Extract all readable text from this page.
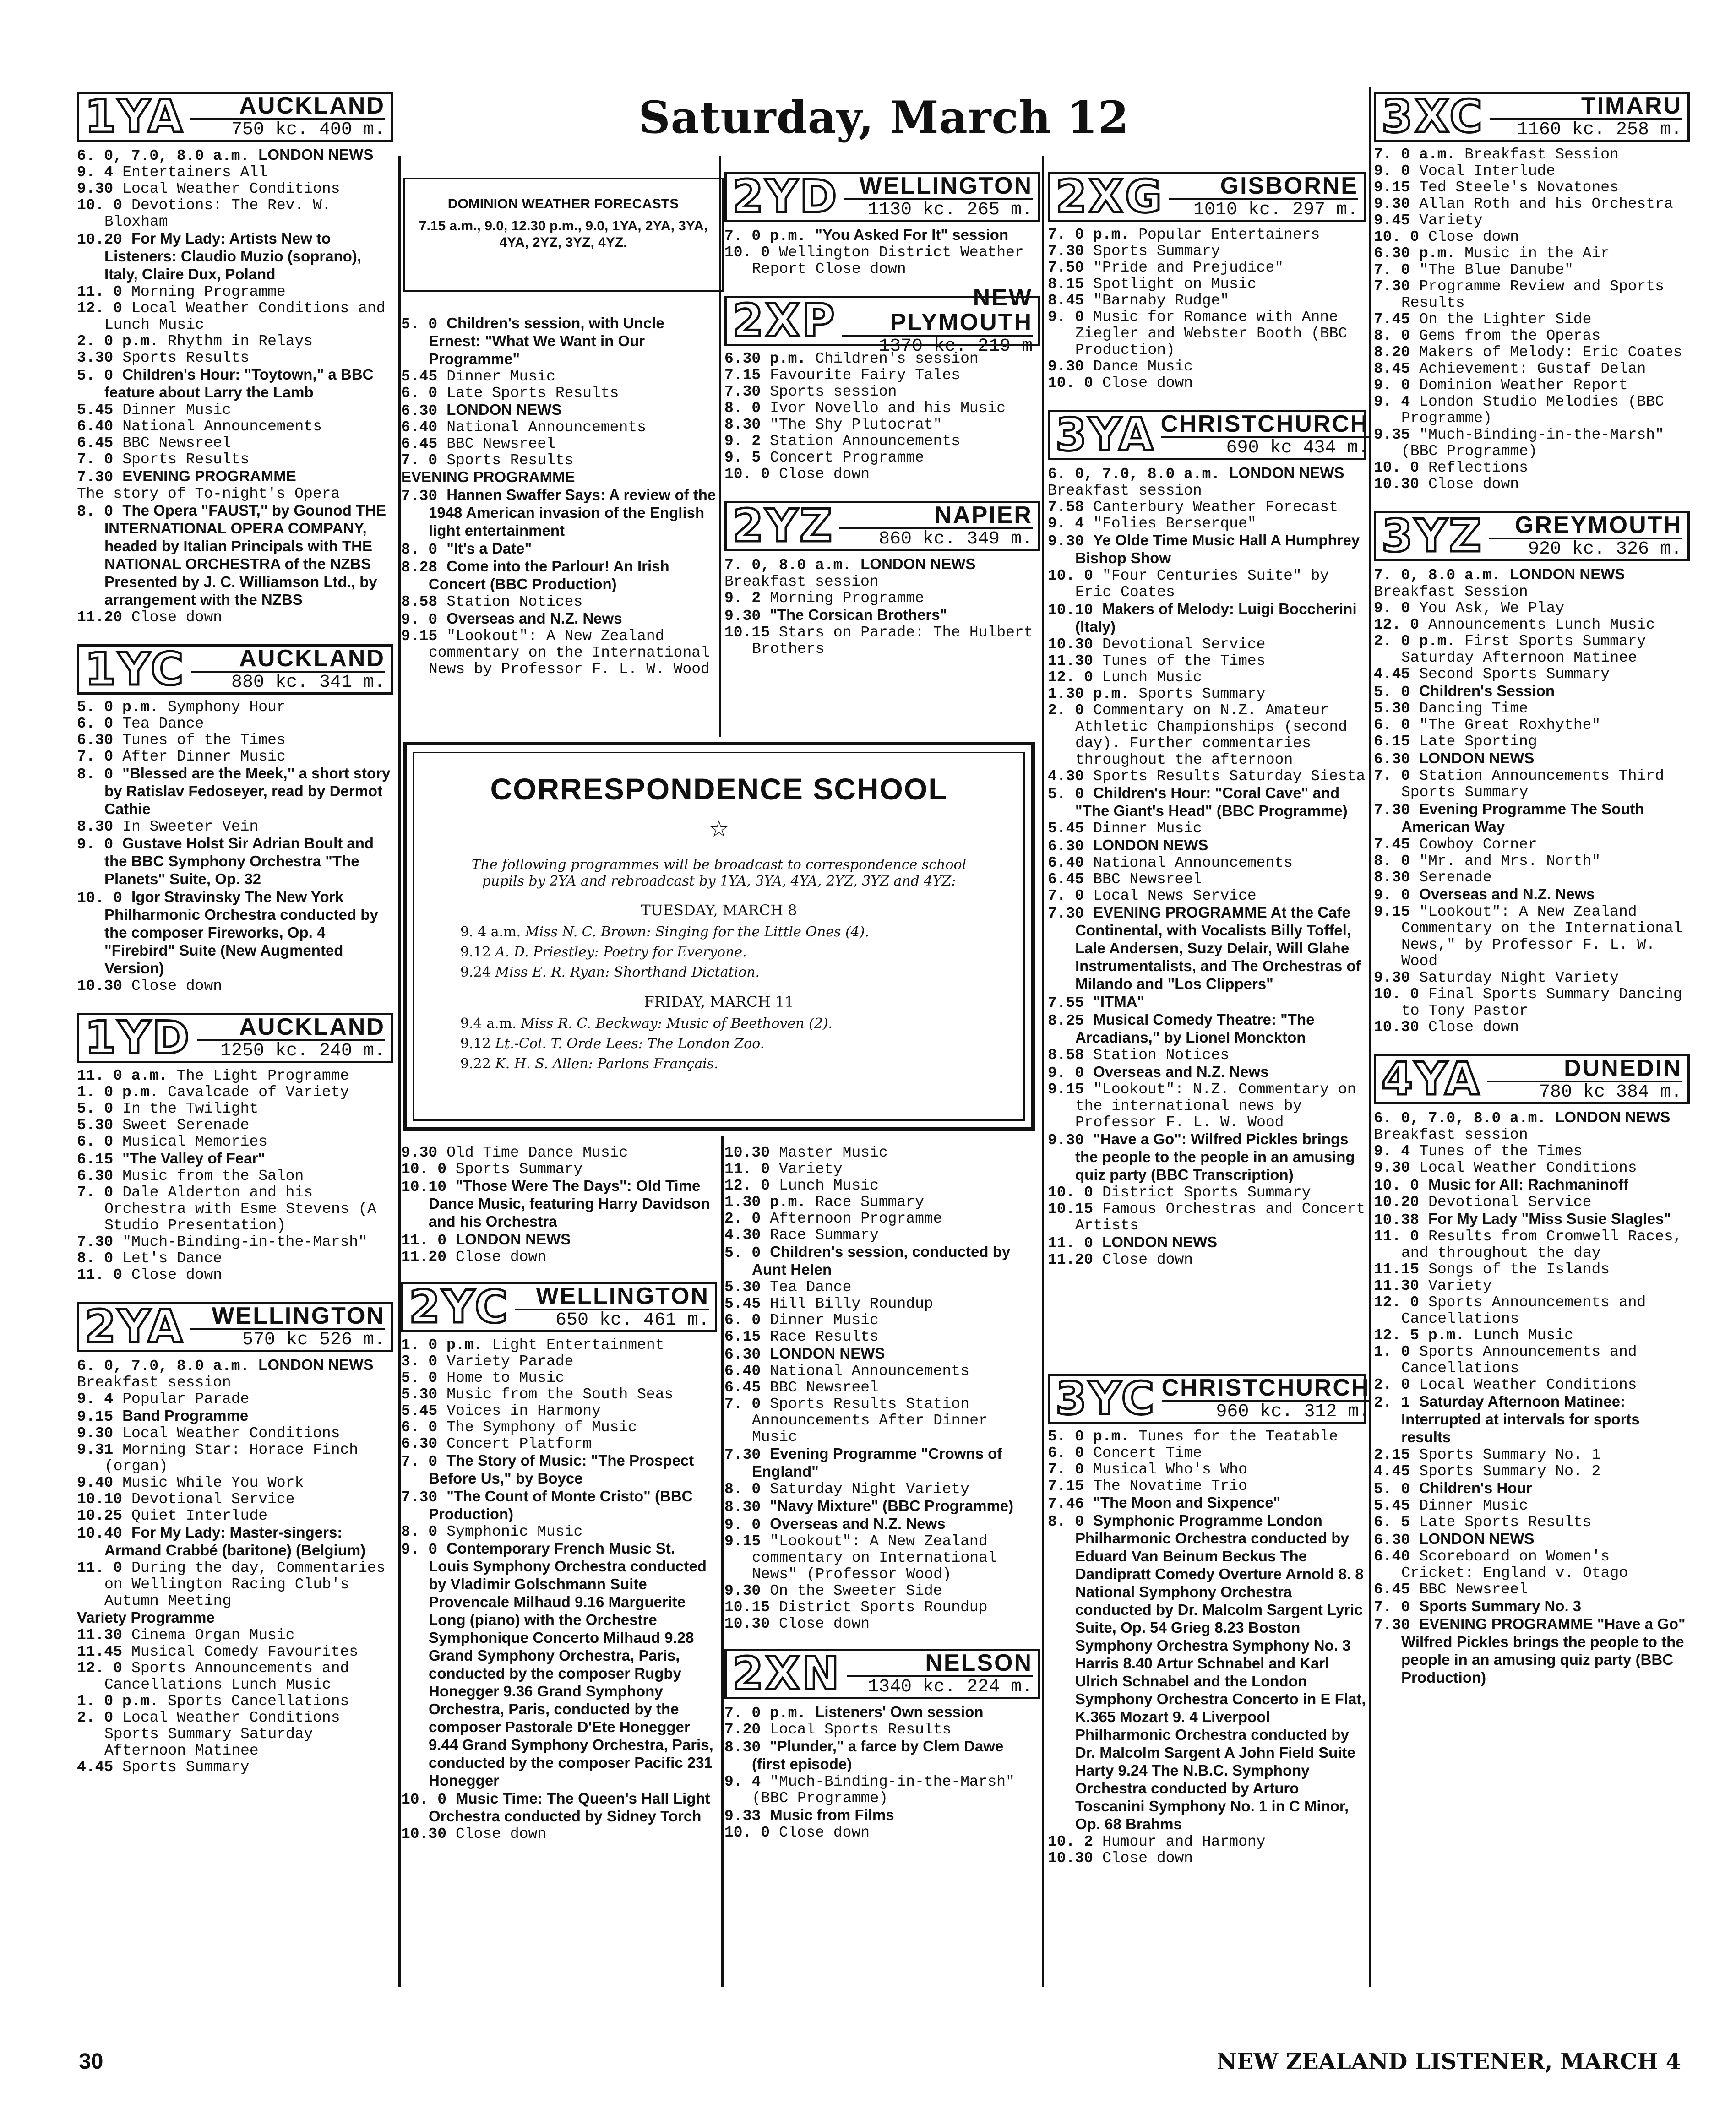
Saturday, March 12
DOMINION WEATHER FORECASTS
7.15 a.m., 9.0, 12.30 p.m., 9.0, 1YA, 2YA, 3YA, 4YA, 2YZ, 3YZ, 4YZ.
CORRESPONDENCE SCHOOL
☆
The following programmes will be broadcast to correspondence school pupils by 2YA and rebroadcast by 1YA, 3YA, 4YA, 2YZ, 3YZ and 4YZ:
TUESDAY, MARCH 8
9. 4 a.m. Miss N. C. Brown: Singing for the Little Ones (4).
9.12 A. D. Priestley: Poetry for Everyone.
9.24 Miss E. R. Ryan: Shorthand Dictation.
FRIDAY, MARCH 11
9.4 a.m. Miss R. C. Beckway: Music of Beethoven (2).
9.12 Lt.-Col. T. Orde Lees: The London Zoo.
9.22 K. H. S. Allen: Parlons Français.
1YA	AUCKLAND
750 kc. 400 m.

6. 0, 7.0, 8.0 a.m. LONDON NEWS

9. 4 Entertainers All

9.30 Local Weather Conditions

10. 0 Devotions: The Rev. W. Bloxham

10.20 For My Lady: Artists New to Listeners: Claudio Muzio (soprano), Italy, Claire Dux, Poland

11. 0 Morning Programme

12. 0 Local Weather Conditions and Lunch Music

2. 0 p.m. Rhythm in Relays

3.30 Sports Results

5. 0 Children's Hour: "Toytown," a BBC feature about Larry the Lamb

5.45 Dinner Music

6.40 National Announcements

6.45 BBC Newsreel

7. 0 Sports Results

7.30 EVENING PROGRAMME

The story of To-night's Opera

8. 0 The Opera "FAUST," by Gounod THE INTERNATIONAL OPERA COMPANY, headed by Italian Principals with THE NATIONAL ORCHESTRA of the NZBS Presented by J. C. Williamson Ltd., by arrangement with the NZBS

11.20 Close down

1YC	AUCKLAND
880 kc. 341 m.

5. 0 p.m. Symphony Hour

6. 0 Tea Dance

6.30 Tunes of the Times

7. 0 After Dinner Music

8. 0 "Blessed are the Meek," a short story by Ratislav Fedoseyer, read by Dermot Cathie

8.30 In Sweeter Vein

9. 0 Gustave Holst Sir Adrian Boult and the BBC Symphony Orchestra "The Planets" Suite, Op. 32

10. 0 Igor Stravinsky The New York Philharmonic Orchestra conducted by the composer Fireworks, Op. 4 "Firebird" Suite (New Augmented Version)

10.30 Close down

1YD	AUCKLAND
1250 kc. 240 m.

11. 0 a.m. The Light Programme

1. 0 p.m. Cavalcade of Variety

5. 0 In the Twilight

5.30 Sweet Serenade

6. 0 Musical Memories

6.15 "The Valley of Fear"

6.30 Music from the Salon

7. 0 Dale Alderton and his Orchestra with Esme Stevens (A Studio Presentation)

7.30 "Much-Binding-in-the-Marsh"

8. 0 Let's Dance

11. 0 Close down

2YA	WELLINGTON
570 kc 526 m.

6. 0, 7.0, 8.0 a.m. LONDON NEWS

Breakfast session

9. 4 Popular Parade

9.15 Band Programme

9.30 Local Weather Conditions

9.31 Morning Star: Horace Finch (organ)

9.40 Music While You Work

10.10 Devotional Service

10.25 Quiet Interlude

10.40 For My Lady: Master-singers: Armand Crabbé (baritone) (Belgium)

11. 0 During the day, Commentaries on Wellington Racing Club's Autumn Meeting

Variety Programme

11.30 Cinema Organ Music

11.45 Musical Comedy Favourites

12. 0 Sports Announcements and Cancellations Lunch Music

1. 0 p.m. Sports Cancellations

2. 0 Local Weather Conditions Sports Summary Saturday Afternoon Matinee

4.45 Sports Summary

5. 0 Children's session, with Uncle Ernest: "What We Want in Our Programme"

5.45 Dinner Music

6. 0 Late Sports Results

6.30 LONDON NEWS

6.40 National Announcements

6.45 BBC Newsreel

7. 0 Sports Results

EVENING PROGRAMME

7.30 Hannen Swaffer Says: A review of the 1948 American invasion of the English light entertainment

8. 0 "It's a Date"

8.28 Come into the Parlour! An Irish Concert (BBC Production)

8.58 Station Notices

9. 0 Overseas and N.Z. News

9.15 "Lookout": A New Zealand commentary on the International News by Professor F. L. W. Wood

2YD WELLINGTON
1130 kc. 265 m.

7. 0 p.m. "You Asked For It" session

10. 0 Wellington District Weather Report Close down

2XP	NEW PLYMOUTH
1370 kc. 219 m

6.30 p.m. Children's session

7.15 Favourite Fairy Tales

7.30 Sports session

8. 0 Ivor Novello and his Music

8.30 "The Shy Plutocrat"

9. 2 Station Announcements

9. 5 Concert Programme

10. 0 Close down

2YZ	NAPIER
860 kc. 349 m.

7. 0, 8.0 a.m. LONDON NEWS

Breakfast session

9. 2 Morning Programme

9.30 "The Corsican Brothers"

10.15 Stars on Parade: The Hulbert Brothers

2XG	GISBORNE
1010 kc. 297 m.

7. 0 p.m. Popular Entertainers

7.30 Sports Summary

7.50 "Pride and Prejudice"

8.15 Spotlight on Music

8.45 "Barnaby Rudge"

9. 0 Music for Romance with Anne Ziegler and Webster Booth (BBC Production)

9.30 Dance Music

10. 0 Close down

3YA CHRISTCHURCH
690 kc 434 m.

6. 0, 7.0, 8.0 a.m. LONDON NEWS

Breakfast session

7.58 Canterbury Weather Forecast

9. 4 "Folies Berserque"

9.30 Ye Olde Time Music Hall A Humphrey Bishop Show

10. 0 "Four Centuries Suite" by Eric Coates

10.10 Makers of Melody: Luigi Boccherini (Italy)

10.30 Devotional Service

11.30 Tunes of the Times

12. 0 Lunch Music

1.30 p.m. Sports Summary

2. 0 Commentary on N.Z. Amateur Athletic Championships (second day). Further commentaries throughout the afternoon

4.30 Sports Results Saturday Siesta

5. 0 Children's Hour: "Coral Cave" and "The Giant's Head" (BBC Programme)

5.45 Dinner Music

6.30 LONDON NEWS

6.40 National Announcements

6.45 BBC Newsreel

7. 0 Local News Service

7.30 EVENING PROGRAMME At the Cafe Continental, with Vocalists Billy Toffel, Lale Andersen, Suzy Delair, Will Glahe Instrumentalists, and The Orchestras of Milando and "Los Clippers"

7.55 "ITMA"

8.25 Musical Comedy Theatre: "The Arcadians," by Lionel Monckton

8.58 Station Notices

9. 0 Overseas and N.Z. News

9.15 "Lookout": N.Z. Commentary on the international news by Professor F. L. W. Wood

9.30 "Have a Go": Wilfred Pickles brings the people to the people in an amusing quiz party (BBC Transcription)

10. 0 District Sports Summary

10.15 Famous Orchestras and Concert Artists

11. 0 LONDON NEWS

11.20 Close down

3XC	TIMARU
1160 kc. 258 m.

7. 0 a.m. Breakfast Session

9. 0 Vocal Interlude

9.15 Ted Steele's Novatones

9.30 Allan Roth and his Orchestra

9.45 Variety

10. 0 Close down

6.30 p.m. Music in the Air

7. 0 "The Blue Danube"

7.30 Programme Review and Sports Results

7.45 On the Lighter Side

8. 0 Gems from the Operas

8.20 Makers of Melody: Eric Coates

8.45 Achievement: Gustaf Delan

9. 0 Dominion Weather Report

9. 4 London Studio Melodies (BBC Programme)

9.35 "Much-Binding-in-the-Marsh" (BBC Programme)

10. 0 Reflections

10.30 Close down

3YZ	GREYMOUTH
920 kc. 326 m.

7. 0, 8.0 a.m. LONDON NEWS

Breakfast Session

9. 0 You Ask, We Play

12. 0 Announcements Lunch Music

2. 0 p.m. First Sports Summary Saturday Afternoon Matinee

4.45 Second Sports Summary

5. 0 Children's Session

5.30 Dancing Time

6. 0 "The Great Roxhythe"

6.15 Late Sporting

6.30 LONDON NEWS

7. 0 Station Announcements Third Sports Summary

7.30 Evening Programme The South American Way

7.45 Cowboy Corner

8. 0 "Mr. and Mrs. North"

8.30 Serenade

9. 0 Overseas and N.Z. News

9.15 "Lookout": A New Zealand Commentary on the International News," by Professor F. L. W. Wood

9.30 Saturday Night Variety

10. 0 Final Sports Summary Dancing to Tony Pastor

10.30 Close down

4YA	DUNEDIN
780 kc 384 m.

6. 0, 7.0, 8.0 a.m. LONDON NEWS

Breakfast session

9. 4 Tunes of the Times

9.30 Local Weather Conditions

10. 0 Music for All: Rachmaninoff

10.20 Devotional Service

10.38 For My Lady "Miss Susie Slagles"

11. 0 Results from Cromwell Races, and throughout the day

11.15 Songs of the Islands

11.30 Variety

12. 0 Sports Announcements and Cancellations

12. 5 p.m. Lunch Music

1. 0 Sports Announcements and Cancellations

2. 0 Local Weather Conditions

2. 1 Saturday Afternoon Matinee: Interrupted at intervals for sports results

2.15 Sports Summary No. 1

4.45 Sports Summary No. 2

5. 0 Children's Hour

5.45 Dinner Music

6. 5 Late Sports Results

6.30 LONDON NEWS

6.40 Scoreboard on Women's Cricket: England v. Otago

6.45 BBC Newsreel

7. 0 Sports Summary No. 3

7.30 EVENING PROGRAMME "Have a Go" Wilfred Pickles brings the people to the people in an amusing quiz party (BBC Production)

9.30 Old Time Dance Music

10. 0 Sports Summary

10.10 "Those Were The Days": Old Time Dance Music, featuring Harry Davidson and his Orchestra

11. 0 LONDON NEWS

11.20 Close down

2YC	WELLINGTON
650 kc. 461 m.

1. 0 p.m. Light Entertainment

3. 0 Variety Parade

5. 0 Home to Music

5.30 Music from the South Seas

5.45 Voices in Harmony

6. 0 The Symphony of Music

6.30 Concert Platform

7. 0 The Story of Music: "The Prospect Before Us," by Boyce

7.30 "The Count of Monte Cristo" (BBC Production)

8. 0 Symphonic Music

9. 0 Contemporary French Music St. Louis Symphony Orchestra conducted by Vladimir Golschmann Suite Provencale Milhaud 9.16 Marguerite Long (piano) with the Orchestre Symphonique Concerto Milhaud 9.28 Grand Symphony Orchestra, Paris, conducted by the composer Rugby Honegger 9.36 Grand Symphony Orchestra, Paris, conducted by the composer Pastorale D'Ete Honegger 9.44 Grand Symphony Orchestra, Paris, conducted by the composer Pacific 231 Honegger

10. 0 Music Time: The Queen's Hall Light Orchestra conducted by Sidney Torch

10.30 Close down

10.30 Master Music

11. 0 Variety

12. 0 Lunch Music

1.30 p.m. Race Summary

2. 0 Afternoon Programme

4.30 Race Summary

5. 0 Children's session, conducted by Aunt Helen

5.30 Tea Dance

5.45 Hill Billy Roundup

6. 0 Dinner Music

6.15 Race Results

6.30 LONDON NEWS

6.40 National Announcements

6.45 BBC Newsreel

7. 0 Sports Results Station Announcements After Dinner Music

7.30 Evening Programme "Crowns of England"

8. 0 Saturday Night Variety

8.30 "Navy Mixture" (BBC Programme)

9. 0 Overseas and N.Z. News

9.15 "Lookout": A New Zealand commentary on International News" (Professor Wood)

9.30 On the Sweeter Side

10.15 District Sports Roundup

10.30 Close down

2XN	NELSON
1340 kc. 224 m.

7. 0 p.m. Listeners' Own session

7.20 Local Sports Results

8.30 "Plunder," a farce by Clem Dawe (first episode)

9. 4 "Much-Binding-in-the-Marsh" (BBC Programme)

9.33 Music from Films

10. 0 Close down

3YC CHRISTCHURCH
960 kc. 312 m.

5. 0 p.m. Tunes for the Teatable

6. 0 Concert Time

7. 0 Musical Who's Who

7.15 The Novatime Trio

7.46 "The Moon and Sixpence"

8. 0 Symphonic Programme London Philharmonic Orchestra conducted by Eduard Van Beinum Beckus The Dandipratt Comedy Overture Arnold 8. 8 National Symphony Orchestra conducted by Dr. Malcolm Sargent Lyric Suite, Op. 54 Grieg 8.23 Boston Symphony Orchestra Symphony No. 3 Harris 8.40 Artur Schnabel and Karl Ulrich Schnabel and the London Symphony Orchestra Concerto in E Flat, K.365 Mozart 9. 4 Liverpool Philharmonic Orchestra conducted by Dr. Malcolm Sargent A John Field Suite Harty 9.24 The N.B.C. Symphony Orchestra conducted by Arturo Toscanini Symphony No. 1 in C Minor, Op. 68 Brahms

10. 2 Humour and Harmony

10.30 Close down

30	NEW ZEALAND LISTENER, MARCH 4
